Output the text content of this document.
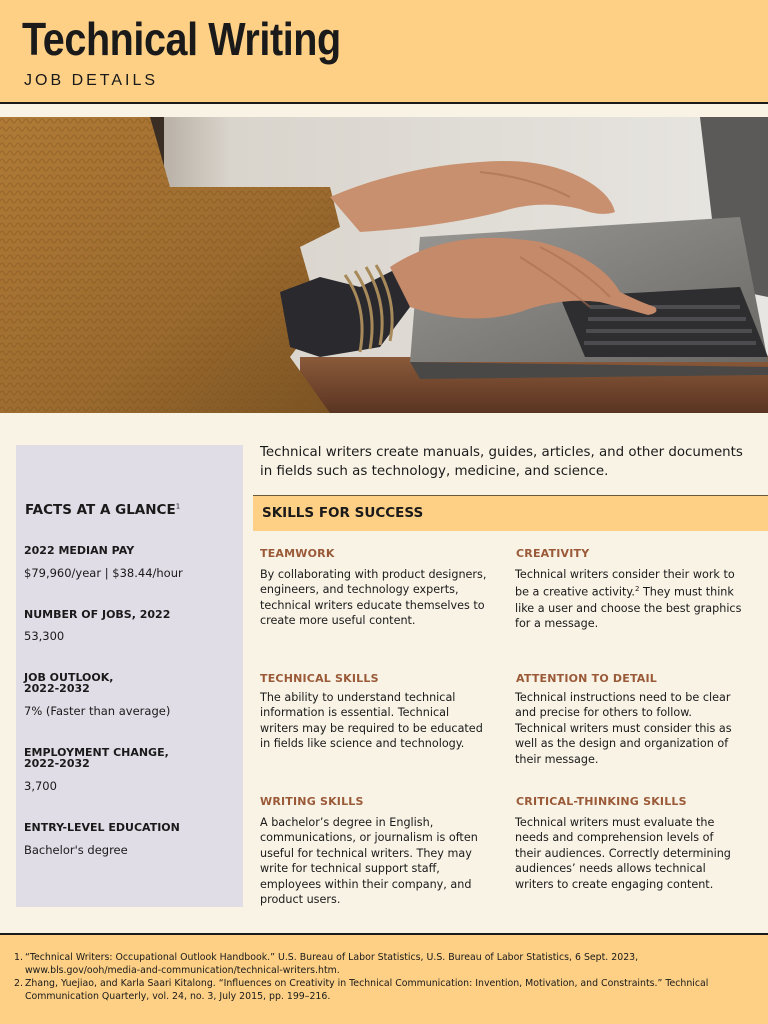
Technical Writing
JOB DETAILS
FACTS AT A GLANCE$^1$
2022 MEDIAN PAY
$79,960/year | $38.44/hour
NUMBER OF JOBS, 2022
53,300
JOB OUTLOOK,
2022-2032
7% (Faster than average)
EMPLOYMENT CHANGE,
2022-2032
3,700
ENTRY-LEVEL EDUCATION
Bachelor's degree

Technical writers create manuals, guides, articles, and other documents in fields such as technology, medicine, and science.

SKILLS FOR SUCCESS
TEAMWORK

By collaborating with product designers, engineers, and technology experts, technical writers educate themselves to create more useful content.

CREATIVITY

Technical writers consider their work to be a creative activity.$^2$ They must think like a user and choose the best graphics for a message.

TECHNICAL SKILLS

The ability to understand technical information is essential. Technical writers may be required to be educated in fields like science and technology.

ATTENTION TO DETAIL

Technical instructions need to be clear and precise for others to follow. Technical writers must consider this as well as the design and organization of their message.

WRITING SKILLS

A bachelor’s degree in English, communications, or journalism is often useful for technical writers. They may write for technical support staff, employees within their company, and product users.

CRITICAL-THINKING SKILLS

Technical writers must evaluate the needs and comprehension levels of their audiences. Correctly determining audiences’ needs allows technical writers to create engaging content.

1. “Technical Writers: Occupational Outlook Handbook.” U.S. Bureau of Labor Statistics, U.S. Bureau of Labor Statistics, 6 Sept. 2023, www.bls.gov/ooh/media-and-communication/technical-writers.htm.
2. Zhang, Yuejiao, and Karla Saari Kitalong. “Influences on Creativity in Technical Communication: Invention, Motivation, and Constraints.” Technical Communication Quarterly, vol. 24, no. 3, July 2015, pp. 199–216.
